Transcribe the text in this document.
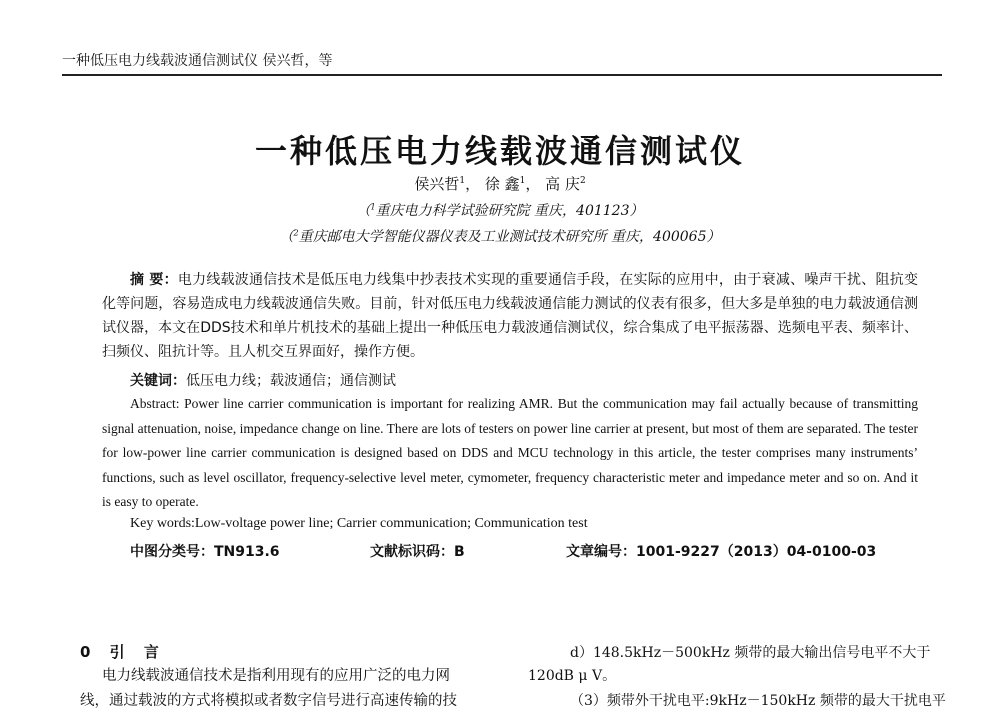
一种低压电力线载波通信测试仪 侯兴哲，等
一种低压电力线载波通信测试仪
侯兴哲$^1$， 徐 鑫$^1$， 高 庆$^2$
（$^1$重庆电力科学试验研究院 重庆，401123）
（$^2$重庆邮电大学智能仪器仪表及工业测试技术研究所 重庆，400065）
摘 要：电力线载波通信技术是低压电力线集中抄表技术实现的重要通信手段，在实际的应用中，由于衰减、噪声干扰、阻抗变化等问题，容易造成电力线载波通信失败。目前，针对低压电力线载波通信能力测试的仪表有很多，但大多是单独的电力载波通信测试仪器，本文在DDS技术和单片机技术的基础上提出一种低压电力载波通信测试仪，综合集成了电平振荡器、选频电平表、频率计、扫频仪、阻抗计等。且人机交互界面好，操作方便。
关键词：低压电力线；载波通信；通信测试
Abstract: Power line carrier communication is important for realizing AMR. But the communication may fail actually because of transmitting signal attenuation, noise, impedance change on line. There are lots of testers on power line carrier at present, but most of them are separated. The tester for low-power line carrier communication is designed based on DDS and MCU technology in this article, the tester comprises many instruments’ functions, such as level oscillator, frequency-selective level meter, cymometer, frequency characteristic meter and impedance meter and so on. And it is easy to operate.
Key words:Low-voltage power line; Carrier communication; Communication test
中图分类号：TN913.6	文献标识码：B	文章编号：1001-9227（2013）04-0100-03
0 引 言
电力线载波通信技术是指利用现有的应用广泛的电力网
线，通过载波的方式将模拟或者数字信号进行高速传输的技
d）148.5kHz－500kHz 频带的最大输出信号电平不大于
120dB μ V。
（3）频带外干扰电平:9kHz－150kHz 频带的最大干扰电平
